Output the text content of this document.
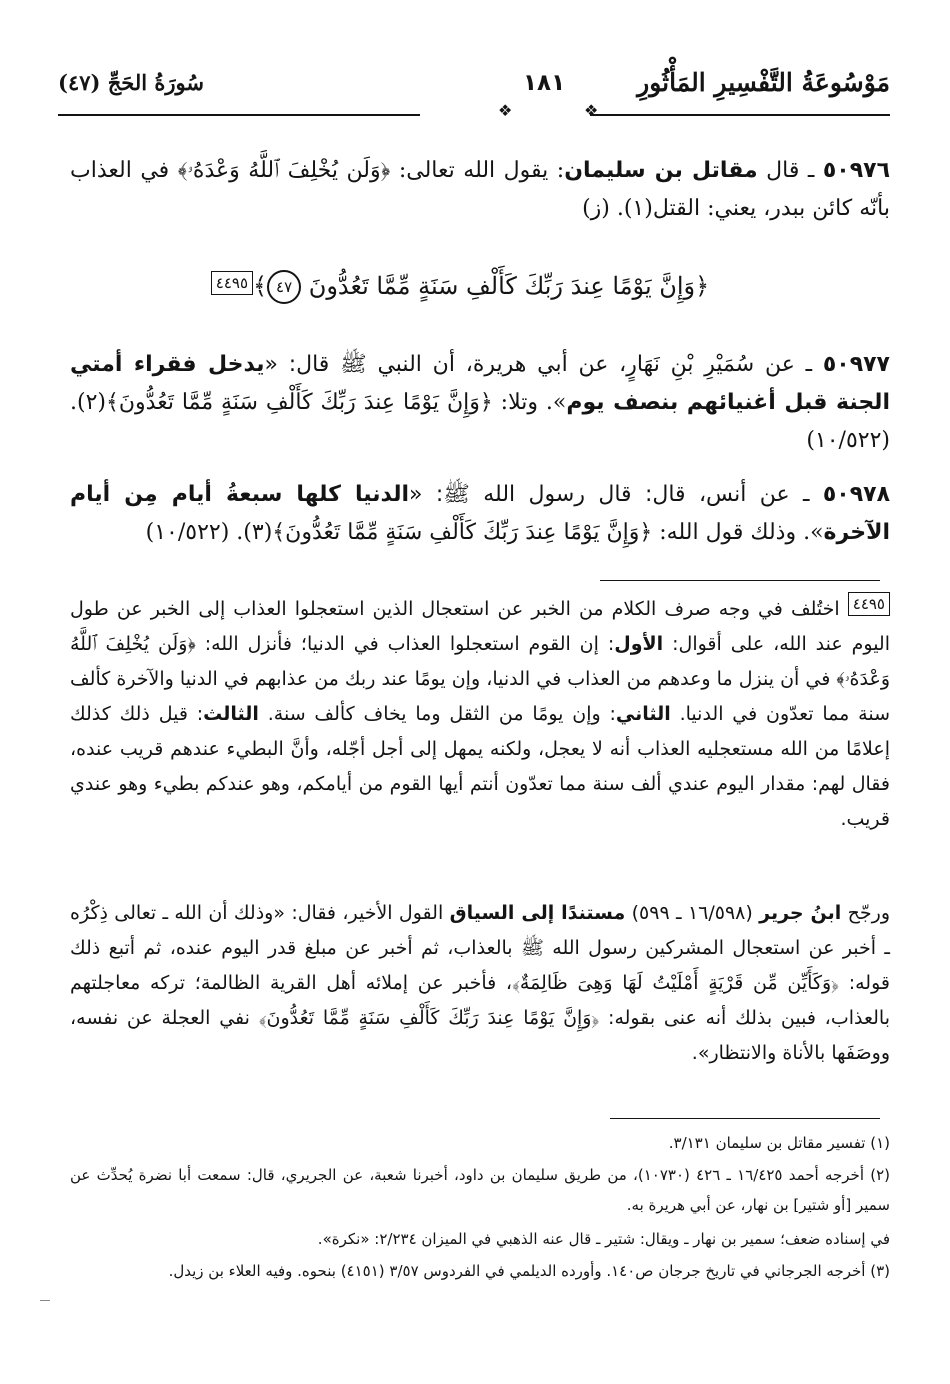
مَوْسُوعَةُ التَّفْسِيرِ المَأْثُورِ
١٨١
سُورَةُ الحَجِّ (٤٧)
❖	❖
٥٠٩٧٦ ـ قال مقاتل بن سليمان: يقول الله تعالى: ﴿وَلَن يُخْلِفَ ٱللَّهُ وَعْدَهُۥ﴾ في العذاب بأنّه كائن ببدر، يعني: القتل(١). (ز)
﴿وَإِنَّ يَوْمًا عِندَ رَبِّكَ كَأَلْفِ سَنَةٍ مِّمَّا تَعُدُّونَ ٤٧﴾٤٤٩٥
٥٠٩٧٧ ـ عن سُمَيْرِ بْنِ نَهَارٍ، عن أبي هريرة، أن النبي ﷺ قال: «يدخل فقراء أمتي الجنة قبل أغنيائهم بنصف يوم». وتلا: ﴿وَإِنَّ يَوْمًا عِندَ رَبِّكَ كَأَلْفِ سَنَةٍ مِّمَّا تَعُدُّونَ﴾(٢). (١٠/٥٢٢)
٥٠٩٧٨ ـ عن أنس، قال: قال رسول الله ﷺ: «الدنيا كلها سبعةُ أيام مِن أيام الآخرة». وذلك قول الله: ﴿وَإِنَّ يَوْمًا عِندَ رَبِّكَ كَأَلْفِ سَنَةٍ مِّمَّا تَعُدُّونَ﴾(٣). (١٠/٥٢٢)
٤٤٩٥ اختُلف في وجه صرف الكلام من الخبر عن استعجال الذين استعجلوا العذاب إلى الخبر عن طول اليوم عند الله، على أقوال: الأول: إن القوم استعجلوا العذاب في الدنيا؛ فأنزل الله: ﴿وَلَن يُخْلِفَ ٱللَّهُ وَعْدَهُۥ﴾ في أن ينزل ما وعدهم من العذاب في الدنيا، وإن يومًا عند ربك من عذابهم في الدنيا والآخرة كألف سنة مما تعدّون في الدنيا. الثاني: وإن يومًا من الثقل وما يخاف كألف سنة. الثالث: قيل ذلك كذلك إعلامًا من الله مستعجليه العذاب أنه لا يعجل، ولكنه يمهل إلى أجل أجّله، وأنَّ البطيء عندهم قريب عنده، فقال لهم: مقدار اليوم عندي ألف سنة مما تعدّون أنتم أيها القوم من أيامكم، وهو عندكم بطيء وهو عندي قريب.
ورجّح ابنُ جرير (١٦/٥٩٨ ـ ٥٩٩) مستندًا إلى السياق القول الأخير، فقال: «وذلك أن الله ـ تعالى ذِكْرُه ـ أخبر عن استعجال المشركين رسول الله ﷺ بالعذاب، ثم أخبر عن مبلغ قدر اليوم عنده، ثم أتبع ذلك قوله: ﴿وَكَأَيِّن مِّن قَرْيَةٍ أَمْلَيْتُ لَهَا وَهِىَ ظَالِمَةٌ﴾، فأخبر عن إملائه أهل القرية الظالمة؛ تركه معاجلتهم بالعذاب، فبين بذلك أنه عنى بقوله: ﴿وَإِنَّ يَوْمًا عِندَ رَبِّكَ كَأَلْفِ سَنَةٍ مِّمَّا تَعُدُّونَ﴾ نفي العجلة عن نفسه، ووصَفَها بالأناة والانتظار».
(١) تفسير مقاتل بن سليمان ٣/١٣١.
(٢) أخرجه أحمد ١٦/٤٢٥ ـ ٤٢٦ (١٠٧٣٠)، من طريق سليمان بن داود، أخبرنا شعبة، عن الجريري، قال: سمعت أبا نضرة يُحدِّث عن سمير [أو شتير] بن نهار، عن أبي هريرة به.
في إسناده ضعف؛ سمير بن نهار ـ ويقال: شتير ـ قال عنه الذهبي في الميزان ٢/٢٣٤: «نكرة».
(٣) أخرجه الجرجاني في تاريخ جرجان ص١٤٠. وأورده الديلمي في الفردوس ٣/٥٧ (٤١٥١) بنحوه. وفيه العلاء بن زيدل.
